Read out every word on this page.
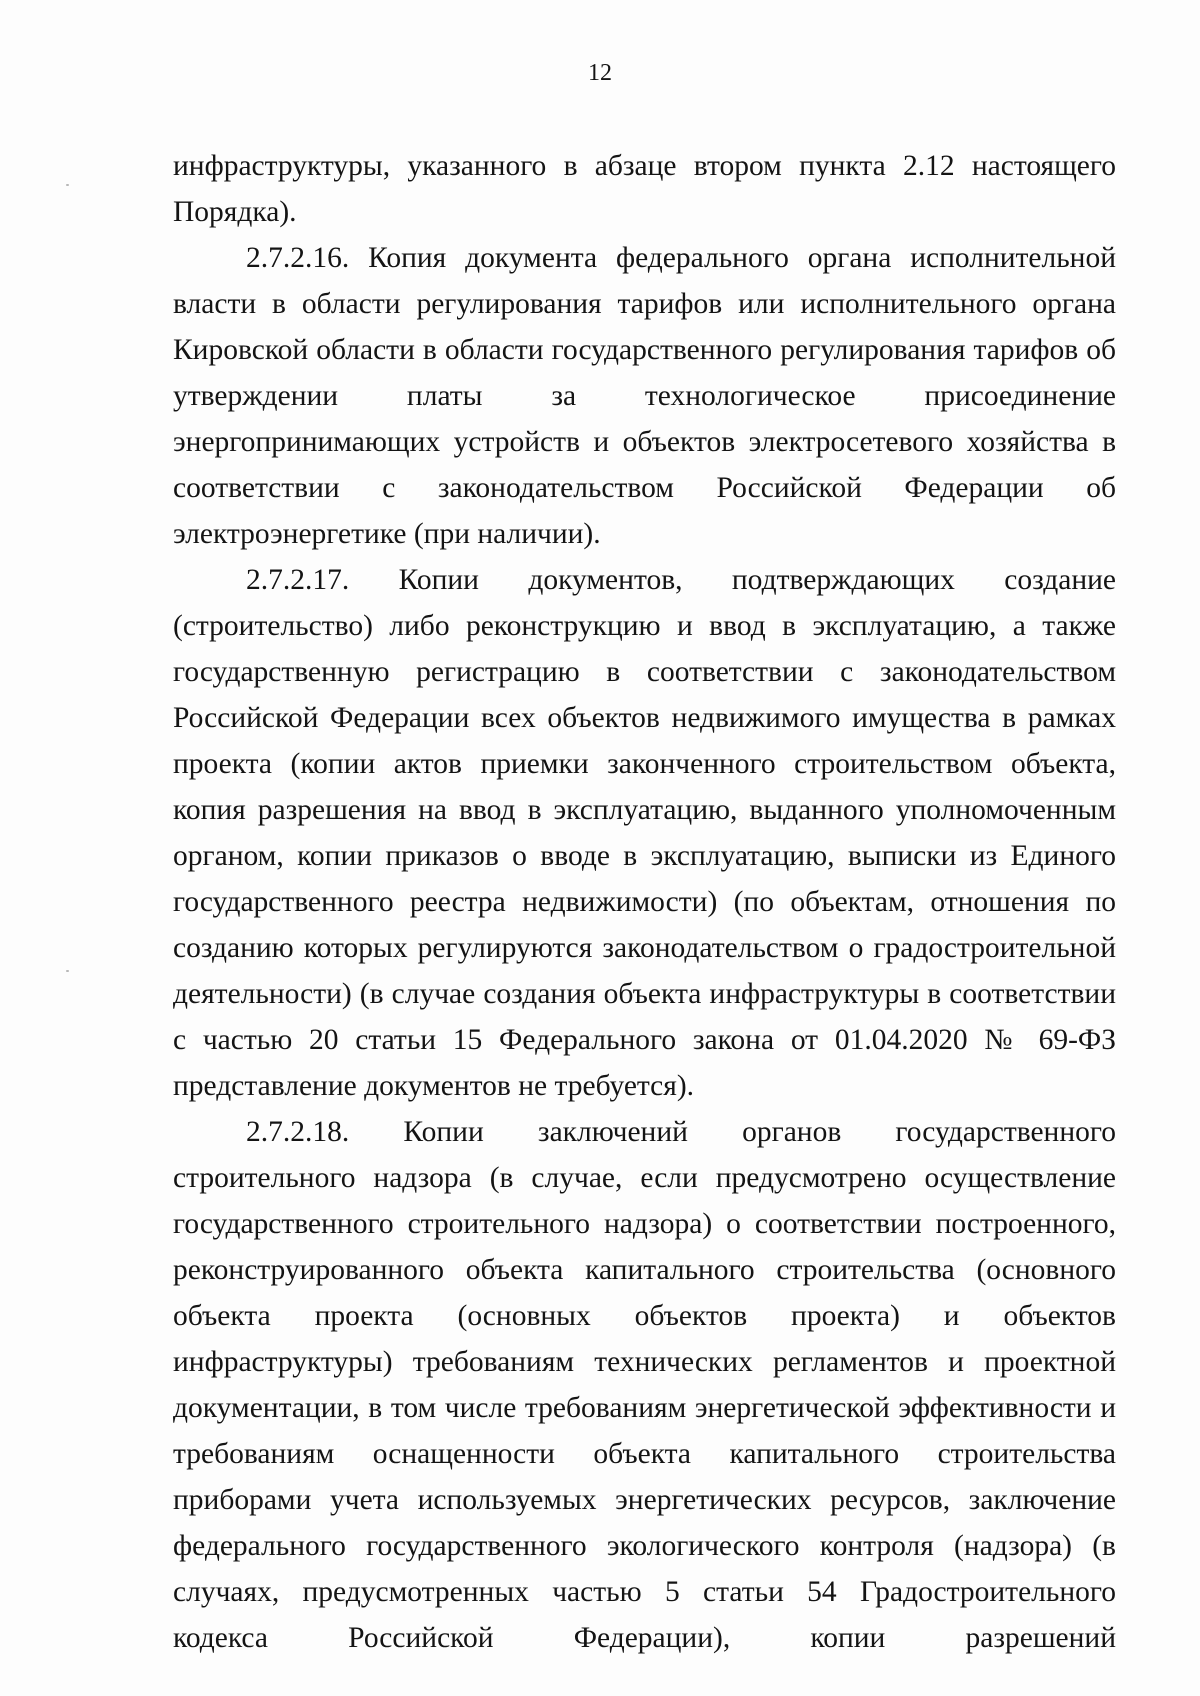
12

инфраструктуры, указанного в абзаце втором пункта 2.12 настоящего Порядка).

2.7.2.16. Копия документа федерального органа исполнительной власти в области регулирования тарифов или исполнительного органа Кировской области в области государственного регулирования тарифов об утверждении платы за технологическое присоединение энергопринимающих устройств и объектов электросетевого хозяйства в соответствии с законодательством Российской Федерации об электроэнергетике (при наличии).

2.7.2.17. Копии документов, подтверждающих создание (строительство) либо реконструкцию и ввод в эксплуатацию, а также государственную регистрацию в соответствии с законодательством Российской Федерации всех объектов недвижимого имущества в рамках проекта (копии актов приемки законченного строительством объекта, копия разрешения на ввод в эксплуатацию, выданного уполномоченным органом, копии приказов о вводе в эксплуатацию, выписки из Единого государственного реестра недвижимости) (по объектам, отношения по созданию которых регулируются законодательством о градостроительной деятельности) (в случае создания объекта инфраструктуры в соответствии с частью 20 статьи 15 Федерального закона от 01.04.2020 № 69-ФЗ представление документов не требуется).

2.7.2.18. Копии заключений органов государственного строительного надзора (в случае, если предусмотрено осуществление государственного строительного надзора) о соответствии построенного, реконструированного объекта капитального строительства (основного объекта проекта (основных объектов проекта) и объектов инфраструктуры) требованиям технических регламентов и проектной документации, в том числе требованиям энергетической эффективности и требованиям оснащенности объекта капитального строительства приборами учета используемых энергетических ресурсов, заключение федерального государственного экологического контроля (надзора) (в случаях, предусмотренных частью 5 статьи 54 Градостроительного кодекса Российской Федерации), копии разрешений
